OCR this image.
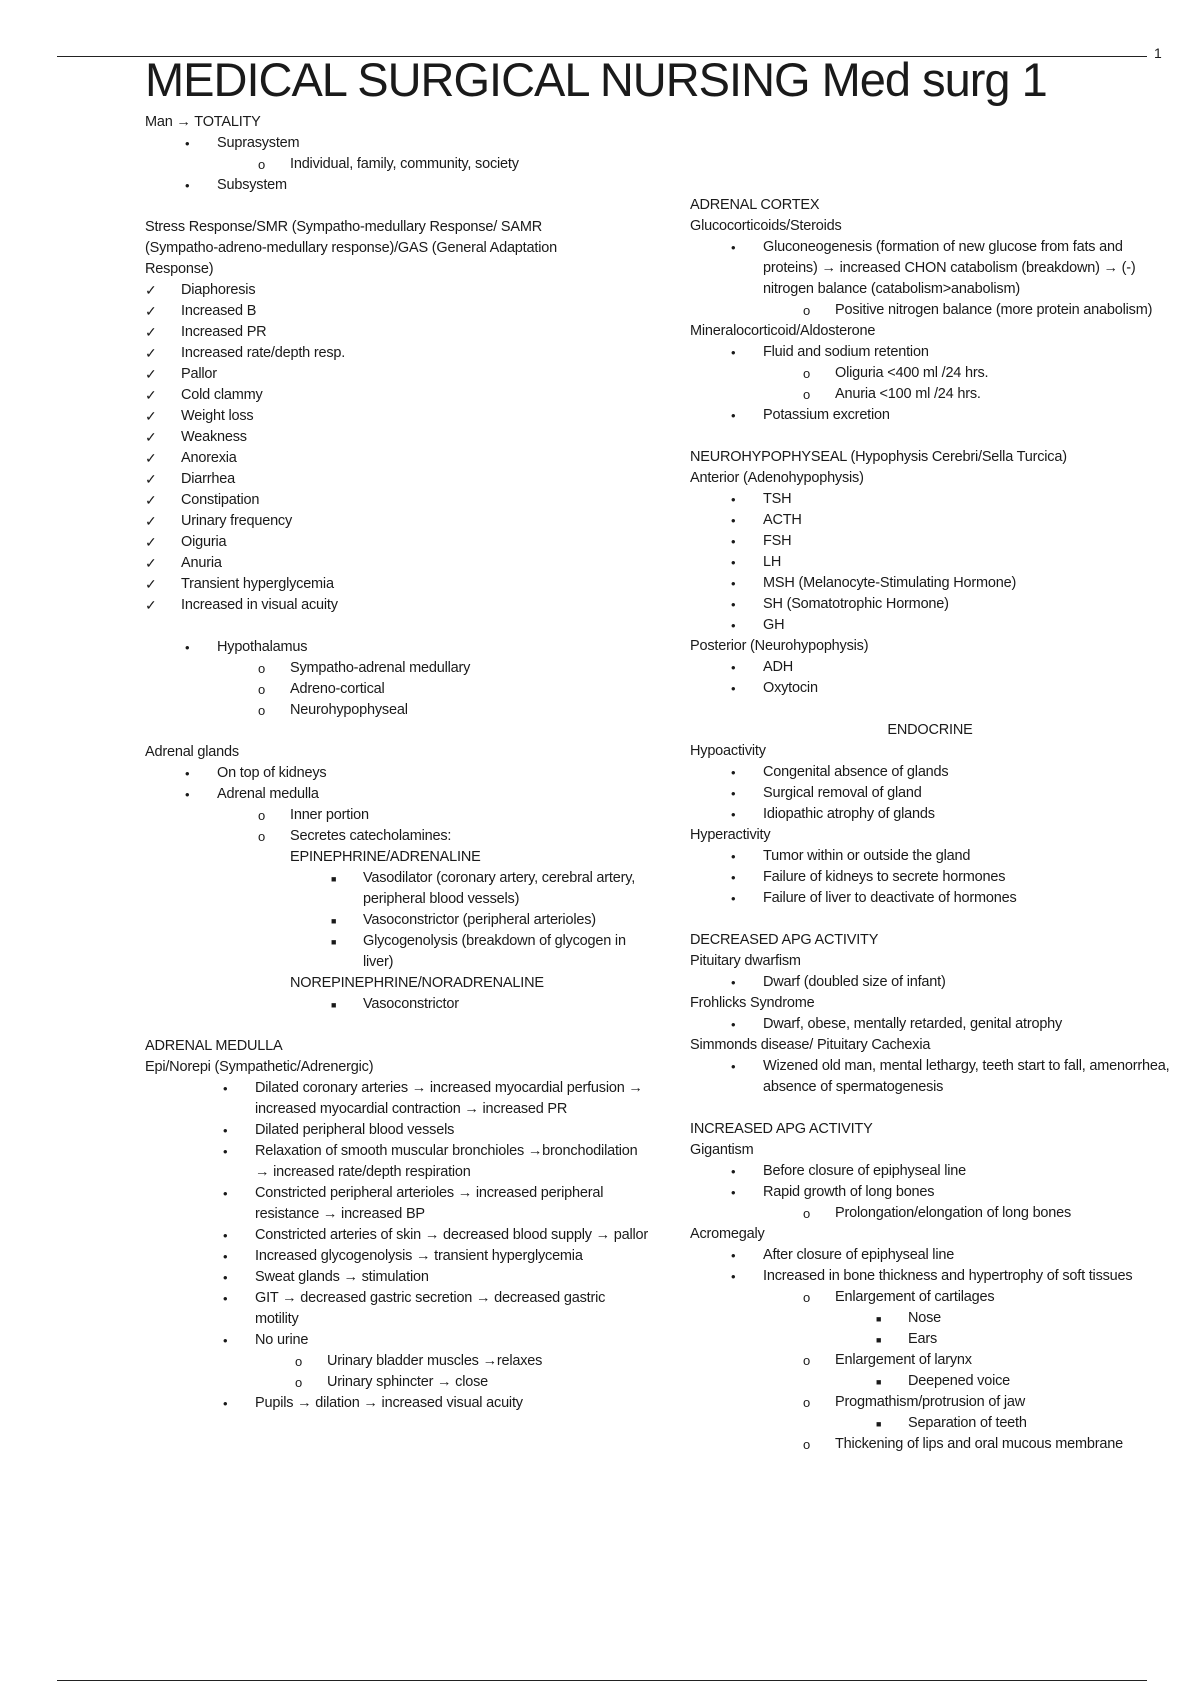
1
MEDICAL SURGICAL NURSING Med surg 1
Man → TOTALITY
• Suprasystem
o Individual, family, community, society
• Subsystem
Stress Response/SMR (Sympatho-medullary Response/ SAMR (Sympatho-adreno-medullary response)/GAS (General Adaptation Response)
✓ Diaphoresis
✓ Increased B
✓ Increased PR
✓ Increased rate/depth resp.
✓ Pallor
✓ Cold clammy
✓ Weight loss
✓ Weakness
✓ Anorexia
✓ Diarrhea
✓ Constipation
✓ Urinary frequency
✓ Oiguria
✓ Anuria
✓ Transient hyperglycemia
✓ Increased in visual acuity
• Hypothalamus
o Sympatho-adrenal medullary
o Adreno-cortical
o Neurohypophyseal
Adrenal glands
• On top of kidneys
• Adrenal medulla
o Inner portion
o Secretes catecholamines:
EPINEPHRINE/ADRENALINE
■ Vasodilator (coronary artery, cerebral artery, peripheral blood vessels)
■ Vasoconstrictor (peripheral arterioles)
■ Glycogenolysis (breakdown of glycogen in liver)
NOREPINEPHRINE/NORADRENALINE
■ Vasoconstrictor
ADRENAL MEDULLA
Epi/Norepi (Sympathetic/Adrenergic)
• Dilated coronary arteries → increased myocardial perfusion → increased myocardial contraction → increased PR
• Dilated peripheral blood vessels
• Relaxation of smooth muscular bronchioles →bronchodilation → increased rate/depth respiration
• Constricted peripheral arterioles → increased peripheral resistance → increased BP
• Constricted arteries of skin → decreased blood supply → pallor
• Increased glycogenolysis → transient hyperglycemia
• Sweat glands → stimulation
• GIT → decreased gastric secretion → decreased gastric motility
• No urine
o Urinary bladder muscles →relaxes
o Urinary sphincter → close
• Pupils → dilation → increased visual acuity
ADRENAL CORTEX
Glucocorticoids/Steroids
• Gluconeogenesis (formation of new glucose from fats and proteins) → increased CHON catabolism (breakdown) → (-) nitrogen balance (catabolism>anabolism)
o Positive nitrogen balance (more protein anabolism)
Mineralocorticoid/Aldosterone
• Fluid and sodium retention
o Oliguria <400 ml /24 hrs.
o Anuria <100 ml /24 hrs.
• Potassium excretion
NEUROHYPOPHYSEAL (Hypophysis Cerebri/Sella Turcica)
Anterior (Adenohypophysis)
• TSH
• ACTH
• FSH
• LH
• MSH (Melanocyte-Stimulating Hormone)
• SH (Somatotrophic Hormone)
• GH
Posterior (Neurohypophysis)
• ADH
• Oxytocin
ENDOCRINE
Hypoactivity
• Congenital absence of glands
• Surgical removal of gland
• Idiopathic atrophy of glands
Hyperactivity
• Tumor within or outside the gland
• Failure of kidneys to secrete hormones
• Failure of liver to deactivate of hormones
DECREASED APG ACTIVITY
Pituitary dwarfism
• Dwarf (doubled size of infant)
Frohlicks Syndrome
• Dwarf, obese, mentally retarded, genital atrophy
Simmonds disease/ Pituitary Cachexia
• Wizened old man, mental lethargy, teeth start to fall, amenorrhea, absence of spermatogenesis
INCREASED APG ACTIVITY
Gigantism
• Before closure of epiphyseal line
• Rapid growth of long bones
o Prolongation/elongation of long bones
Acromegaly
• After closure of epiphyseal line
• Increased in bone thickness and hypertrophy of soft tissues
o Enlargement of cartilages
■ Nose
■ Ears
o Enlargement of larynx
■ Deepened voice
o Progmathism/protrusion of jaw
■ Separation of teeth
o Thickening of lips and oral mucous membrane
